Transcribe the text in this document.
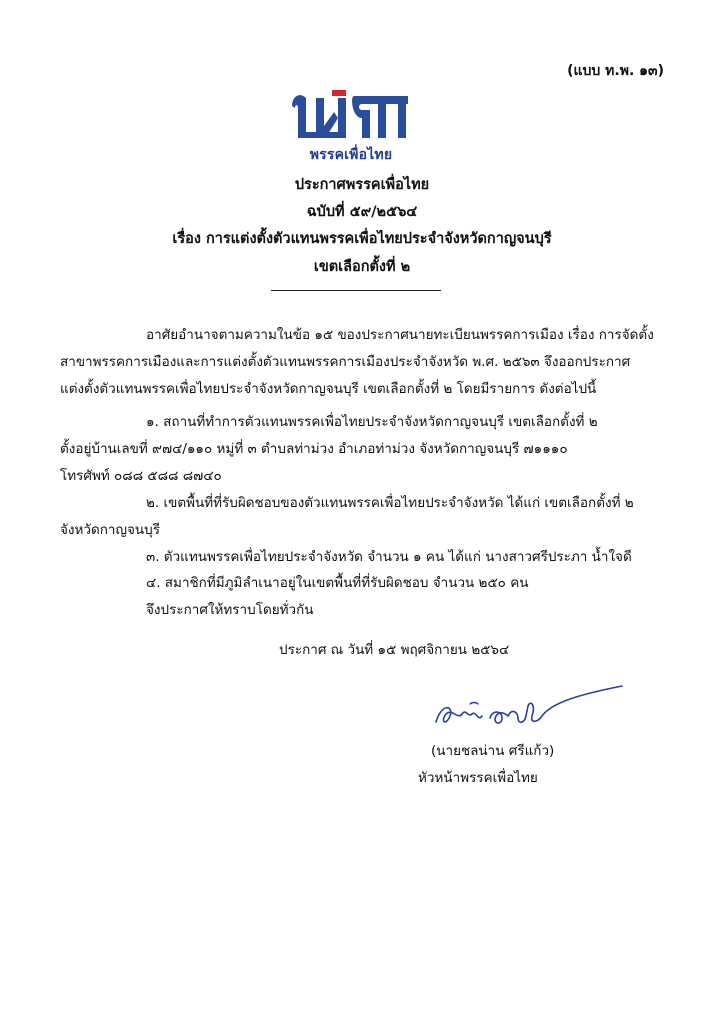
(แบบ ท.พ. ๑๓)
พรรคเพื่อไทย
ประกาศพรรคเพื่อไทย
ฉบับที่ ๕๙/๒๕๖๔
เรื่อง การแต่งตั้งตัวแทนพรรคเพื่อไทยประจำจังหวัดกาญจนบุรี
เขตเลือกตั้งที่ ๒
อาศัยอำนาจตามความในข้อ ๑๕ ของประกาศนายทะเบียนพรรคการเมือง เรื่อง การจัดตั้ง
สาขาพรรคการเมืองและการแต่งตั้งตัวแทนพรรคการเมืองประจำจังหวัด พ.ศ. ๒๕๖๓ จึงออกประกาศ
แต่งตั้งตัวแทนพรรคเพื่อไทยประจำจังหวัดกาญจนบุรี เขตเลือกตั้งที่ ๒ โดยมีรายการ ดังต่อไปนี้
๑. สถานที่ทำการตัวแทนพรรคเพื่อไทยประจำจังหวัดกาญจนบุรี เขตเลือกตั้งที่ ๒
ตั้งอยู่บ้านเลขที่ ๙๗๔/๑๑๐ หมู่ที่ ๓ ตำบลท่าม่วง อำเภอท่าม่วง จังหวัดกาญจนบุรี ๗๑๑๑๐
โทรศัพท์ ๐๘๘ ๕๘๘ ๘๗๔๐
๒. เขตพื้นที่ที่รับผิดชอบของตัวแทนพรรคเพื่อไทยประจำจังหวัด ได้แก่ เขตเลือกตั้งที่ ๒
จังหวัดกาญจนบุรี
๓. ตัวแทนพรรคเพื่อไทยประจำจังหวัด จำนวน ๑ คน ได้แก่ นางสาวศรีประภา น้ำใจดี
๔. สมาชิกที่มีภูมิลำเนาอยู่ในเขตพื้นที่ที่รับผิดชอบ จำนวน ๒๕๐ คน
จึงประกาศให้ทราบโดยทั่วกัน
ประกาศ ณ วันที่ ๑๕ พฤศจิกายน ๒๕๖๔
(นายชลน่าน ศรีแก้ว)
หัวหน้าพรรคเพื่อไทย
